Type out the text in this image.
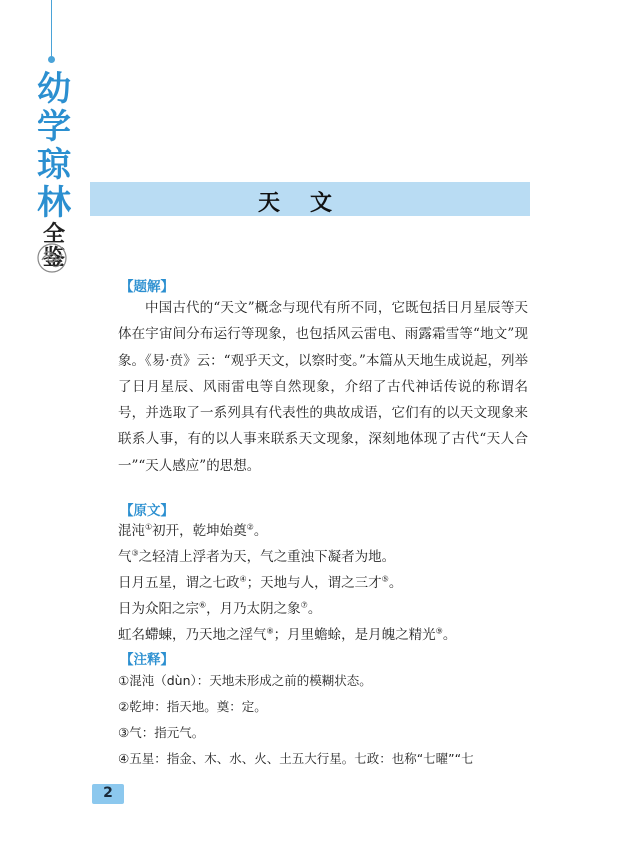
幼
学
琼
林
全
鉴
天文
【题解】
中国古代的“天文”概念与现代有所不同，它既包括日月星辰等天体在宇宙间分布运行等现象，也包括风云雷电、雨露霜雪等“地文”现象。《易·贲》云：“观乎天文，以察时变。”本篇从天地生成说起，列举了日月星辰、风雨雷电等自然现象，介绍了古代神话传说的称谓名号，并选取了一系列具有代表性的典故成语，它们有的以天文现象来联系人事，有的以人事来联系天文现象，深刻地体现了古代“天人合一”“天人感应”的思想。
【原文】
混沌①初开，乾坤始奠②。
气③之轻清上浮者为天，气之重浊下凝者为地。
日月五星，谓之七政④；天地与人，谓之三才⑤。
日为众阳之宗⑥，月乃太阴之象⑦。
虹名螮蝀，乃天地之淫气⑧；月里蟾蜍，是月魄之精光⑨。
【注释】
①混沌（dùn）：天地未形成之前的模糊状态。
②乾坤：指天地。奠：定。
③气：指元气。
④五星：指金、木、水、火、土五大行星。七政：也称“七曜”“七
2
